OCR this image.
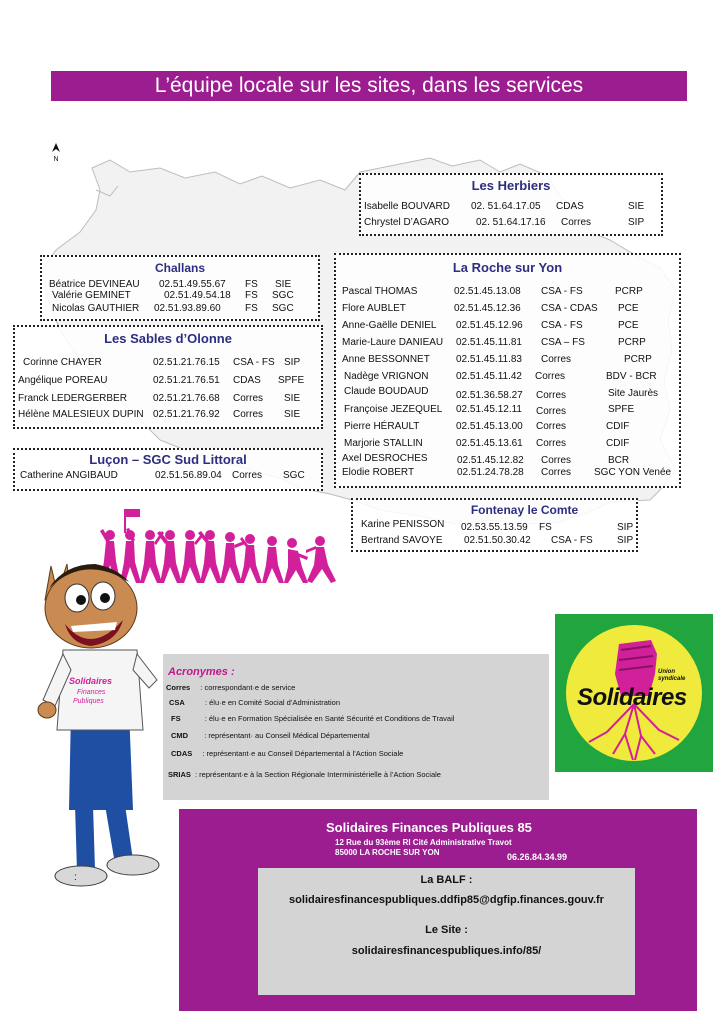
L’équipe locale sur les sites, dans les services

N
Les Herbiers
Isabelle BOUVARD 02. 51.64.17.05 CDAS	SIE
Chrystel D’AGARO	02. 51.64.17.16 Corres	SIP
Challans
Béatrice DEVINEAU 02.51.49.55.67 FS SIE
Valérie GEMINET	02.51.49.54.18 FS SGC
Nicolas GAUTHIER 02.51.93.89.60 FS SGC
Les Sables d’Olonne
Corinne CHAYER	02.51.21.76.15 CSA - FS SIP
Angélique POREAU	02.51.21.76.51 CDAS SPFE
Franck LEDERGERBER	02.51.21.76.68 Corres SIE
Hélène MALESIEUX DUPIN 02.51.21.76.92 Corres SIE
Luçon – SGC Sud Littoral
Catherine ANGIBAUD	02.51.56.89.04 Corres SGC
La Roche sur Yon
Pascal THOMAS	02.51.45.13.08 CSA - FS	PCRP
Flore AUBLET	02.51.45.12.36 CSA - CDAS PCE
Anne-Gaëlle DENIEL 02.51.45.12.96 CSA - FS	PCE
Marie-Laure DANIEAU 02.51.45.11.81 CSA – FS	PCRP
Anne BESSONNET	02.51.45.11.83 Corres	PCRP
Nadège VRIGNON	02.51.45.11.42 Corres	BDV - BCR
Claude BOUDAUD	02.51.36.58.27 Corres	Site Jaurès
Françoise JEZEQUEL 02.51.45.12.11 Corres	SPFE
Pierre HÉRAULT	02.51.45.13.00 Corres	CDIF
Marjorie STALLIN	02.51.45.13.61 Corres	CDIF
Axel DESROCHES	02.51.45.12.82 Corres	BCR
Elodie ROBERT	02.51.24.78.28 Corres SGC YON Venée
Fontenay le Comte
Karine PENISSON 02.53.55.13.59 FS	SIP
Bertrand SAVOYE 02.51.50.30.42 CSA - FS SIP
Solidaires
Finances
Publiques
Acronymes :
Corres : correspondant·e de service
CSA	: élu·e en Comité Social d’Administration
FS	: élu·e en Formation Spécialisée en Santé Sécurité et Conditions de Travail
CMD : représentant· au Conseil Médical Départemental
CDAS : représentant·e au Conseil Départemental à l’Action Sociale
SRIAS : représentant·e à la Section Régionale Interministérielle à l’Action Sociale
Union
syndicale
Solidaires
Solidaires Finances Publiques 85
12 Rue du 93ème RI Cité Administrative Travot
85000 LA ROCHE SUR YON	06.26.84.34.99
La BALF :
solidairesfinancespubliques.ddfip85@dgfip.finances.gouv.fr
Le Site :
solidairesfinancespubliques.info/85/
:
